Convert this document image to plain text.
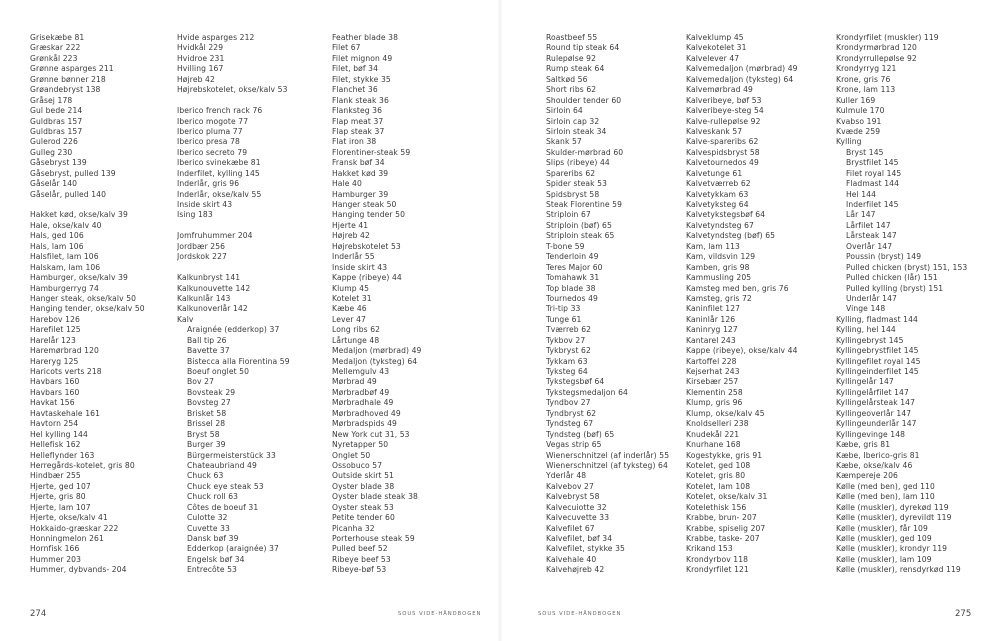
Grisekæbe 81
Græskar 222
Grønkål 223
Grønne asparges 211
Grønne bønner 218
Grøandebryst 138
Gråsej 178
Gul bede 214
Guldbras 157
Guldbras 157
Gulerod 226
Gulleg 230
Gåsebryst 139
Gåsebryst, pulled 139
Gåselår 140
Gåselår, pulled 140
Hakket kød, okse/kalv 39
Hale, okse/kalv 40
Hals, ged 106
Hals, lam 106
Halsfilet, lam 106
Halskam, lam 106
Hamburger, okse/kalv 39
Hamburgerryg 74
Hanger steak, okse/kalv 50
Hanging tender, okse/kalv 50
Harebov 126
Harefilet 125
Harelår 123
Haremørbrad 120
Hareryg 125
Haricots verts 218
Havbars 160
Havbars 160
Havkat 156
Havtaskehale 161
Havtorn 254
Hel kylling 144
Hellefisk 162
Helleflynder 163
Herregårds-kotelet, gris 80
Hindbær 255
Hjerte, ged 107
Hjerte, gris 80
Hjerte, lam 107
Hjerte, okse/kalv 41
Hokkaido-græskar 222
Honningmelon 261
Hornfisk 166
Hummer 203
Hummer, dybvands- 204
Hvide asparges 212
Hvidkål 229
Hvidroe 231
Hvilling 167
Højreb 42
Højrebskotelet, okse/kalv 53
Iberico french rack 76
Iberico mogote 77
Iberico pluma 77
Iberico presa 78
Iberico secreto 79
Iberico svinekæbe 81
Inderfilet, kylling 145
Inderlår, gris 96
Inderlår, okse/kalv 55
Inside skirt 43
Ising 183
Jomfruhummer 204
Jordbær 256
Jordskok 227
Kalkunbryst 141
Kalkunouvette 142
Kalkunlår 143
Kalkunoverlår 142
Kalv
Araignée (edderkop) 37
Ball tip 26
Bavette 37
Bistecca alla Fiorentina 59
Boeuf onglet 50
Bov 27
Bovsteak 29
Bovsteg 27
Brisket 58
Brissel 28
Bryst 58
Burger 39
Bürgermeisterstück 33
Chateaubriand 49
Chuck 63
Chuck eye steak 53
Chuck roll 63
Côtes de boeuf 31
Culotte 32
Cuvette 33
Dansk bøf 39
Edderkop (araignée) 37
Engelsk bøf 34
Entrecôte 53
Feather blade 38
Filet 67
Filet mignon 49
Filet, bøf 34
Filet, stykke 35
Flanchet 36
Flank steak 36
Flanksteg 36
Flap meat 37
Flap steak 37
Flat iron 38
Florentiner-steak 59
Fransk bøf 34
Hakket kød 39
Hale 40
Hamburger 39
Hanger steak 50
Hanging tender 50
Hjerte 41
Højreb 42
Højrebskotelet 53
Inderlår 55
Inside skirt 43
Kappe (ribeye) 44
Klump 45
Kotelet 31
Kæbe 46
Lever 47
Long ribs 62
Lårtunge 48
Medaljon (mørbrad) 49
Medaljon (tyksteg) 64
Mellemgulv 43
Mørbrad 49
Mørbradbøf 49
Mørbradhale 49
Mørbradhoved 49
Mørbradspids 49
New York cut 31, 53
Nyretapper 50
Onglet 50
Ossobuco 57
Outside skirt 51
Oyster blade 38
Oyster blade steak 38
Oyster steak 53
Petite tender 60
Picanha 32
Porterhouse steak 59
Pulled beef 52
Ribeye beef 53
Ribeye-bøf 53
274	SOUS VIDE-HÅNDBOGEN
Roastbeef 55
Round tip steak 64
Rulepølse 92
Rump steak 64
Saltkød 56
Short ribs 62
Shoulder tender 60
Sirloin 64
Sirloin cap 32
Sirloin steak 34
Skank 57
Skulder-mørbrad 60
Slips (ribeye) 44
Spareribs 62
Spider steak 53
Spidsbryst 58
Steak Florentine 59
Striploin 67
Striploin (bøf) 65
Striploin steak 65
T-bone 59
Tenderloin 49
Teres Major 60
Tomahawk 31
Top blade 38
Tournedos 49
Tri-tip 33
Tunge 61
Tværreb 62
Tykbov 27
Tykbryst 62
Tykkam 63
Tyksteg 64
Tykstegsbøf 64
Tykstegsmedaljon 64
Tyndbov 27
Tyndbryst 62
Tyndsteg 67
Tyndsteg (bøf) 65
Vegas strip 65
Wienerschnitzel (af inderlår) 55
Wienerschnitzel (af tyksteg) 64
Yderlår 48
Kalvebov 27
Kalvebryst 58
Kalvecuiotte 32
Kalvecuvette 33
Kalvefilet 67
Kalvefilet, bøf 34
Kalvefilet, stykke 35
Kalvehale 40
Kalvehøjreb 42
Kalveklump 45
Kalvekotelet 31
Kalvelever 47
Kalvemedaljon (mørbrad) 49
Kalvemedaljon (tyksteg) 64
Kalvemørbrad 49
Kalveribeye, bøf 53
Kalveribeye-steg 54
Kalve-rullepølse 92
Kalveskank 57
Kalve-spareribs 62
Kalvespidsbryst 58
Kalvetournedos 49
Kalvetunge 61
Kalvetværreb 62
Kalvetykkam 63
Kalvetyksteg 64
Kalvetykstegsbøf 64
Kalvetyndsteg 67
Kalvetyndsteg (bøf) 65
Kam, lam 113
Kam, vildsvin 129
Kamben, gris 98
Kammusling 205
Kamsteg med ben, gris 76
Kamsteg, gris 72
Kaninfilet 127
Kaninlår 126
Kaninryg 127
Kantarel 243
Kappe (ribeye), okse/kalv 44
Kartoffel 228
Kejserhat 243
Kirsebær 257
Klementin 258
Klump, gris 96
Klump, okse/kalv 45
Knoldselleri 238
Knudekål 221
Knurhane 168
Kogestykke, gris 91
Kotelet, ged 108
Kotelet, gris 80
Kotelet, lam 108
Kotelet, okse/kalv 31
Kotelethisk 156
Krabbe, brun- 207
Krabbe, spiselig 207
Krabbe, taske- 207
Krikand 153
Krondyrbov 118
Krondyrfilet 121
Krondyrfilet (muskler) 119
Krondyrmørbrad 120
Krondyrrullepølse 92
Krondyrryg 121
Krone, gris 76
Krone, lam 113
Kuller 169
Kulmule 170
Kvabso 191
Kvæde 259
Kylling
Bryst 145
Brystfilet 145
Filet royal 145
Fladmast 144
Hel 144
Inderfilet 145
Lår 147
Lårfilet 147
Lårsteak 147
Overlår 147
Poussin (bryst) 149
Pulled chicken (bryst) 151, 153
Pulled chicken (lår) 151
Pulled kylling (bryst) 151
Underlår 147
Vinge 148
Kylling, fladmast 144
Kylling, hel 144
Kyllingebryst 145
Kyllingebrystfilet 145
Kyllingefilet royal 145
Kyllingeinderfilet 145
Kyllingelår 147
Kyllingelårfilet 147
Kyllingelårsteak 147
Kyllingeoverlår 147
Kyllingeunderlår 147
Kyllingevinge 148
Kæbe, gris 81
Kæbe, Iberico-gris 81
Kæbe, okse/kalv 46
Kæmpereje 206
Kølle (med ben), ged 110
Kølle (med ben), lam 110
Kølle (muskler), dyrekød 119
Kølle (muskler), dyrevildt 119
Kølle (muskler), får 109
Kølle (muskler), ged 109
Kølle (muskler), krondyr 119
Kølle (muskler), lam 109
Kølle (muskler), rensdyrkød 119
SOUS VIDE-HÅNDBOGEN	275
